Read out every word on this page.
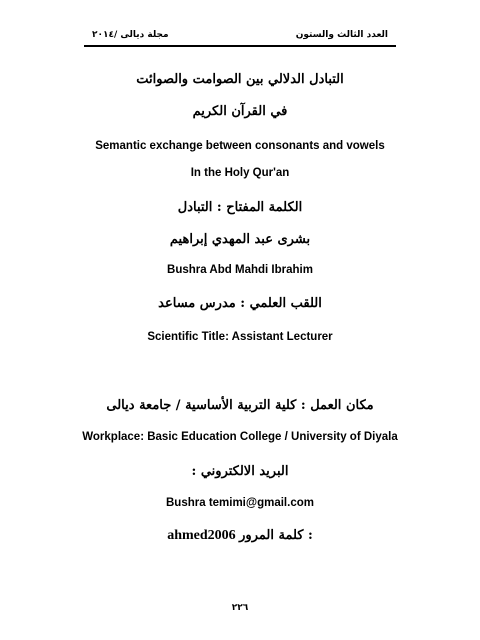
مجلة ديالى /٢٠١٤	العدد الثالث والستون
التبادل الدلالي بين الصوامت والصوائت
في القرآن الكريم
Semantic exchange between consonants and vowels
In the Holy Qur'an
الكلمة المفتاح : التبادل
بشرى عبد المهدي إبراهيم
Bushra Abd Mahdi Ibrahim
اللقب العلمي : مدرس مساعد
Scientific Title: Assistant Lecturer
مكان العمل : كلية التربية الأساسية / جامعة ديالى
Workplace: Basic Education College / University of Diyala
البريد الالكتروني :
Bushra temimi@gmail.com
ahmed2006 كلمة المرور :
٢٢٦
